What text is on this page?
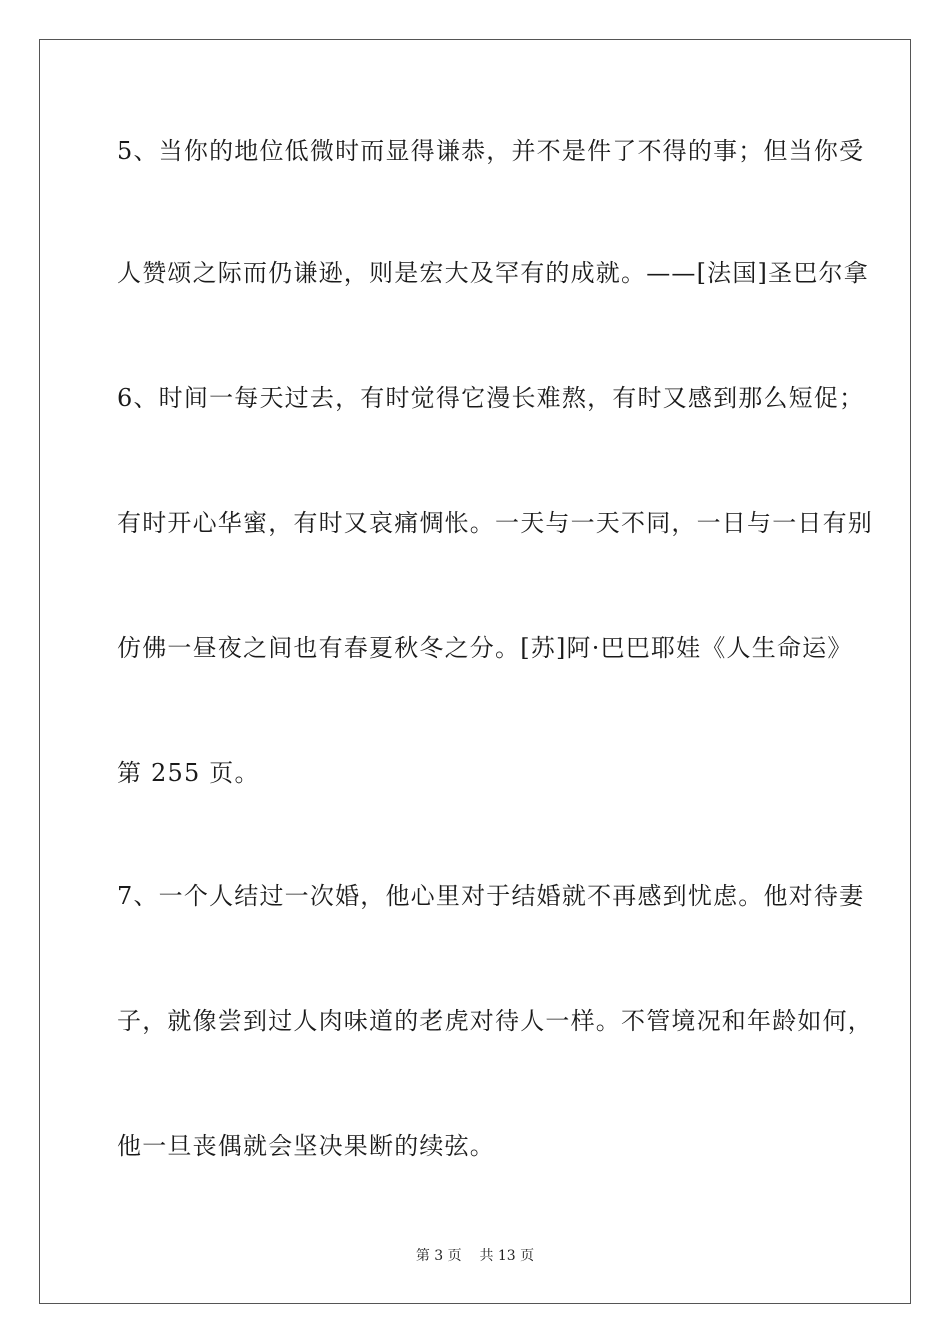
5、当你的地位低微时而显得谦恭，并不是件了不得的事；但当你受
人赞颂之际而仍谦逊，则是宏大及罕有的成就。——[法国]圣巴尔拿
6、时间一每天过去，有时觉得它漫长难熬，有时又感到那么短促；
有时开心华蜜，有时又哀痛惆怅。一天与一天不同，一日与一日有别
仿佛一昼夜之间也有春夏秋冬之分。[苏]阿·巴巴耶娃《人生命运》
第 255 页。
7、一个人结过一次婚，他心里对于结婚就不再感到忧虑。他对待妻
子，就像尝到过人肉味道的老虎对待人一样。不管境况和年龄如何，
他一旦丧偶就会坚决果断的续弦。
第 3 页 共 13 页
